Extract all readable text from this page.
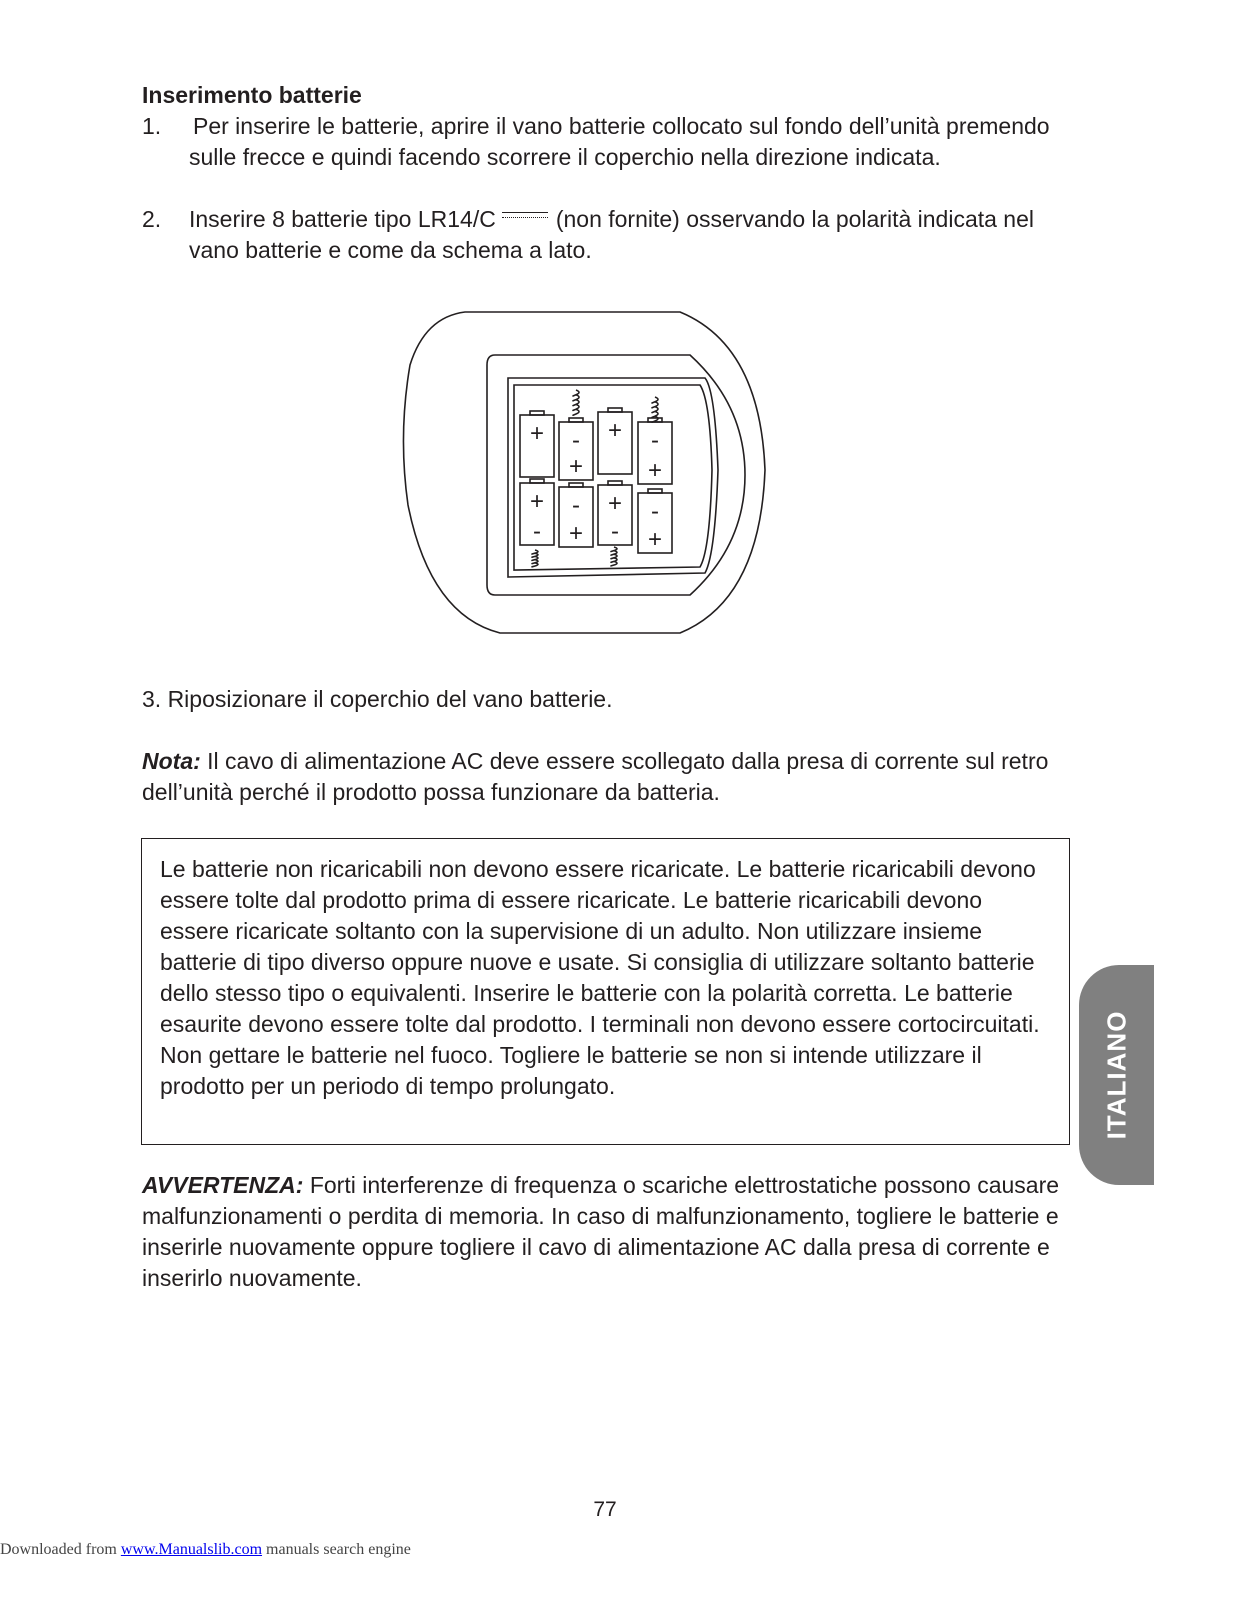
Inserimento batterie
1. Per inserire le batterie, aprire il vano batterie collocato sul fondo dell’unità premendo sulle frecce e quindi facendo scorrere il coperchio nella direzione indicata.
2. Inserire 8 batterie tipo LR14/C	(non fornite) osservando la polarità indicata nel vano batterie e come da schema a lato.
+ -
+
+ -
+
+
-
-
+
+
-
-
+
3. Riposizionare il coperchio del vano batterie.
Nota: Il cavo di alimentazione AC deve essere scollegato dalla presa di corrente sul retro dell’unità perché il prodotto possa funzionare da batteria.
Le batterie non ricaricabili non devono essere ricaricate. Le batterie ricaricabili devono essere tolte dal prodotto prima di essere ricaricate. Le batterie ricaricabili devono essere ricaricate soltanto con la supervisione di un adulto. Non utilizzare insieme batterie di tipo diverso oppure nuove e usate. Si consiglia di utilizzare soltanto batterie dello stesso tipo o equivalenti. Inserire le batterie con la polarità corretta. Le batterie esaurite devono essere tolte dal prodotto. I terminali non devono essere cortocircuitati. Non gettare le batterie nel fuoco. Togliere le batterie se non si intende utilizzare il prodotto per un periodo di tempo prolungato.
AVVERTENZA: Forti interferenze di frequenza o scariche elettrostatiche possono causare malfunzionamenti o perdita di memoria. In caso di malfunzionamento, togliere le batterie e inserirle nuovamente oppure togliere il cavo di alimentazione AC dalla presa di corrente e inserirlo nuovamente.
ITALIANO
77
Downloaded from www.Manualslib.com manuals search engine
